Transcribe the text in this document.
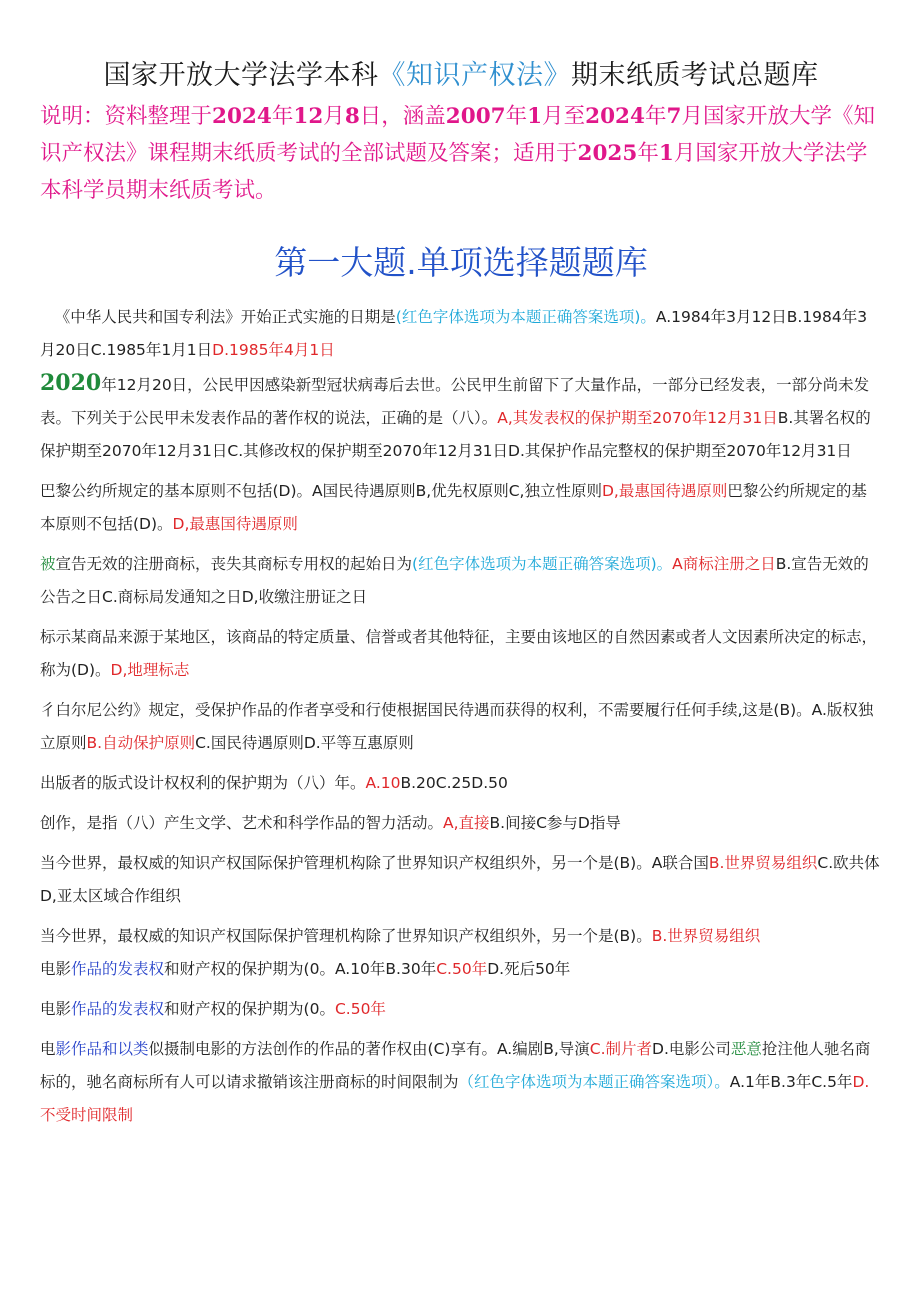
国家开放大学法学本科《知识产权法》期末纸质考试总题库

说明：资料整理于2024年12月8日，涵盖2007年1月至2024年7月国家开放大学《知识产权法》课程期末纸质考试的全部试题及答案；适用于2025年1月国家开放大学法学本科学员期末纸质考试。

第一大题.单项选择题题库

《中华人民共和国专利法》开始正式实施的日期是(红色字体选项为本题正确答案选项)。A.1984年3月12日B.1984年3月20日C.1985年1月1日D.1985年4月1日

2020年12月20日，公民甲因感染新型冠状病毒后去世。公民甲生前留下了大量作品，一部分已经发表，一部分尚未发表。下列关于公民甲未发表作品的著作权的说法，正确的是（八）。A,其发表权的保护期至2070年12月31日B.其署名权的保护期至2070年12月31日C.其修改权的保护期至2070年12月31日D.其保护作品完整权的保护期至2070年12月31日

巴黎公约所规定的基本原则不包括(D)。A国民待遇原则B,优先权原则C,独立性原则D,最惠国待遇原则巴黎公约所规定的基本原则不包括(D)。D,最惠国待遇原则

被宣告无效的注册商标，丧失其商标专用权的起始日为(红色字体选项为本题正确答案选项)。A商标注册之日B.宣告无效的公告之日C.商标局发通知之日D,收缴注册证之日

标示某商品来源于某地区，该商品的特定质量、信誉或者其他特征，主要由该地区的自然因素或者人文因素所决定的标志，称为(D)。D,地理标志

彳白尔尼公约》规定，受保护作品的作者享受和行使根据国民待遇而获得的权利，不需要履行任何手续,这是(B)。A.版权独立原则B.自动保护原则C.国民待遇原则D.平等互惠原则

出版者的版式设计权权利的保护期为（八）年。A.10B.20C.25D.50

创作，是指（八）产生文学、艺术和科学作品的智力活动。A,直接B.间接C参与D指导

当今世界，最权威的知识产权国际保护管理机构除了世界知识产权组织外，另一个是(B)。A联合国B.世界贸易组织C.欧共体D,亚太区域合作组织

当今世界，最权威的知识产权国际保护管理机构除了世界知识产权组织外，另一个是(B)。B.世界贸易组织

电影作品的发表权和财产权的保护期为(0。A.10年B.30年C.50年D.死后50年

电影作品的发表权和财产权的保护期为(0。C.50年

电影作品和以类似摄制电影的方法创作的作品的著作权由(C)享有。A.编剧B,导演C.制片者D.电影公司恶意抢注他人驰名商标的，驰名商标所有人可以请求撤销该注册商标的时间限制为（红色字体选项为本题正确答案选项）。A.1年B.3年C.5年D.不受时间限制
